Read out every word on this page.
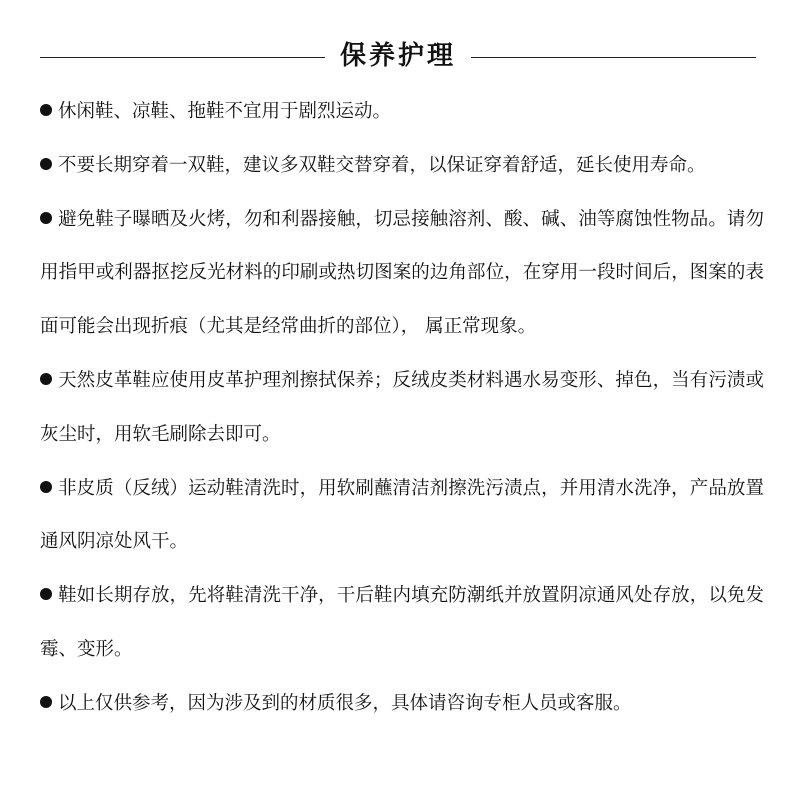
保养护理
休闲鞋、凉鞋、拖鞋不宜用于剧烈运动。
不要长期穿着一双鞋，建议多双鞋交替穿着，以保证穿着舒适，延长使用寿命。
避免鞋子曝晒及火烤，勿和利器接触，切忌接触溶剂、酸、碱、油等腐蚀性物品。请勿用指甲或利器抠挖反光材料的印刷或热切图案的边角部位，在穿用一段时间后，图案的表面可能会出现折痕（尤其是经常曲折的部位）， 属正常现象。
天然皮革鞋应使用皮革护理剂擦拭保养；反绒皮类材料遇水易变形、掉色，当有污渍或灰尘时，用软毛刷除去即可。
非皮质（反绒）运动鞋清洗时，用软刷蘸清洁剂擦洗污渍点，并用清水洗净，产品放置通风阴凉处风干。
鞋如长期存放，先将鞋清洗干净，干后鞋内填充防潮纸并放置阴凉通风处存放，以免发霉、变形。
以上仅供参考，因为涉及到的材质很多，具体请咨询专柜人员或客服。
